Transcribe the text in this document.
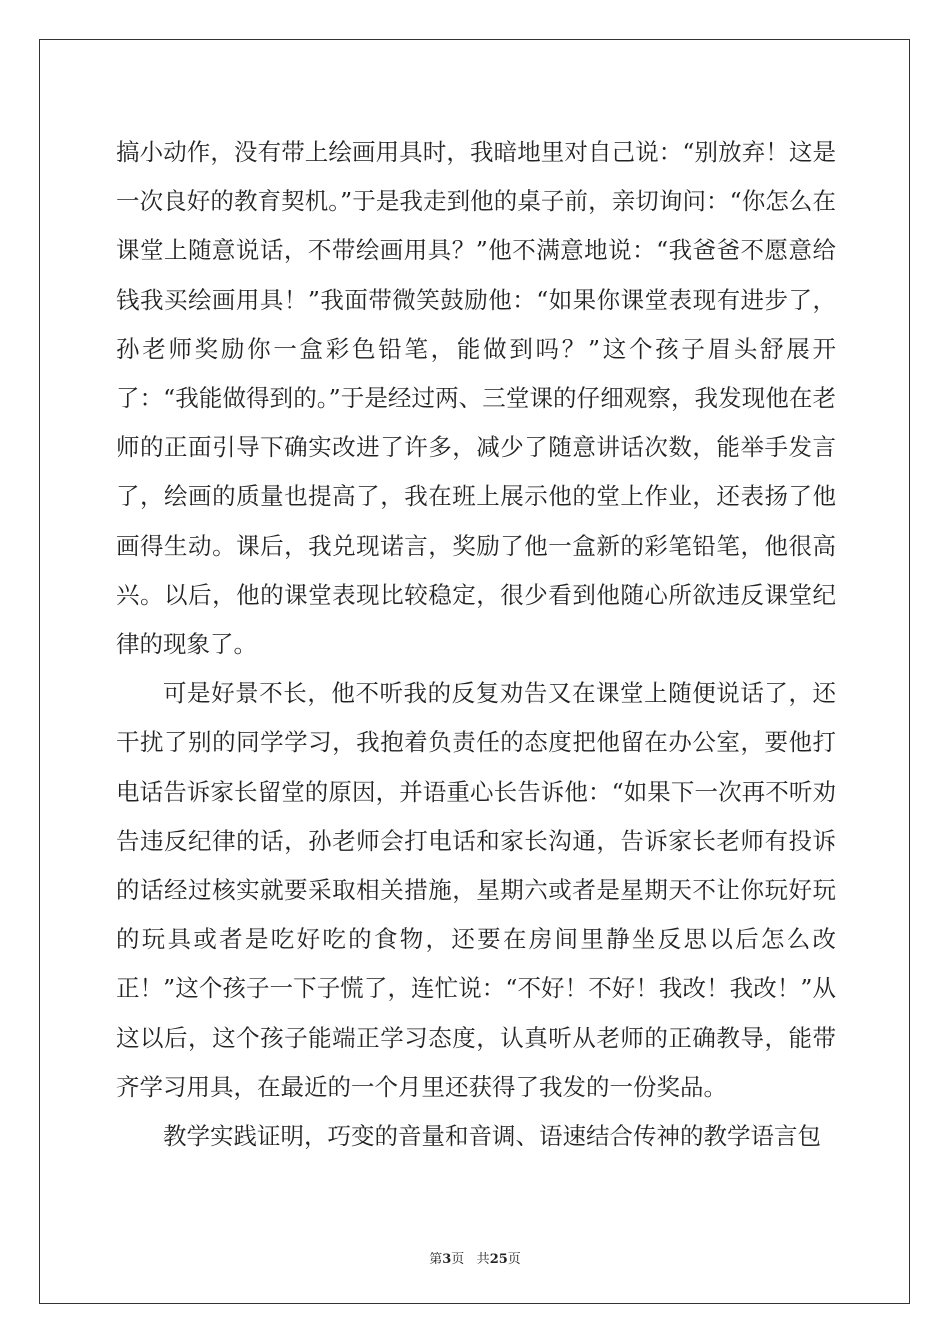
搞小动作，没有带上绘画用具时，我暗地里对自己说：“别放弃！这是一次良好的教育契机。”于是我走到他的桌子前，亲切询问：“你怎么在课堂上随意说话，不带绘画用具？”他不满意地说：“我爸爸不愿意给钱我买绘画用具！”我面带微笑鼓励他：“如果你课堂表现有进步了，孙老师奖励你一盒彩色铅笔，能做到吗？”这个孩子眉头舒展开了：“我能做得到的。”于是经过两、三堂课的仔细观察，我发现他在老师的正面引导下确实改进了许多，减少了随意讲话次数，能举手发言了，绘画的质量也提高了，我在班上展示他的堂上作业，还表扬了他画得生动。课后，我兑现诺言，奖励了他一盒新的彩笔铅笔，他很高兴。以后，他的课堂表现比较稳定，很少看到他随心所欲违反课堂纪律的现象了。

可是好景不长，他不听我的反复劝告又在课堂上随便说话了，还干扰了别的同学学习，我抱着负责任的态度把他留在办公室，要他打电话告诉家长留堂的原因，并语重心长告诉他：“如果下一次再不听劝告违反纪律的话，孙老师会打电话和家长沟通，告诉家长老师有投诉的话经过核实就要采取相关措施，星期六或者是星期天不让你玩好玩的玩具或者是吃好吃的食物，还要在房间里静坐反思以后怎么改正！”这个孩子一下子慌了，连忙说：“不好！不好！我改！我改！”从这以后，这个孩子能端正学习态度，认真听从老师的正确教导，能带齐学习用具，在最近的一个月里还获得了我发的一份奖品。

教学实践证明，巧变的音量和音调、语速结合传神的教学语言包

第3页 共25页
